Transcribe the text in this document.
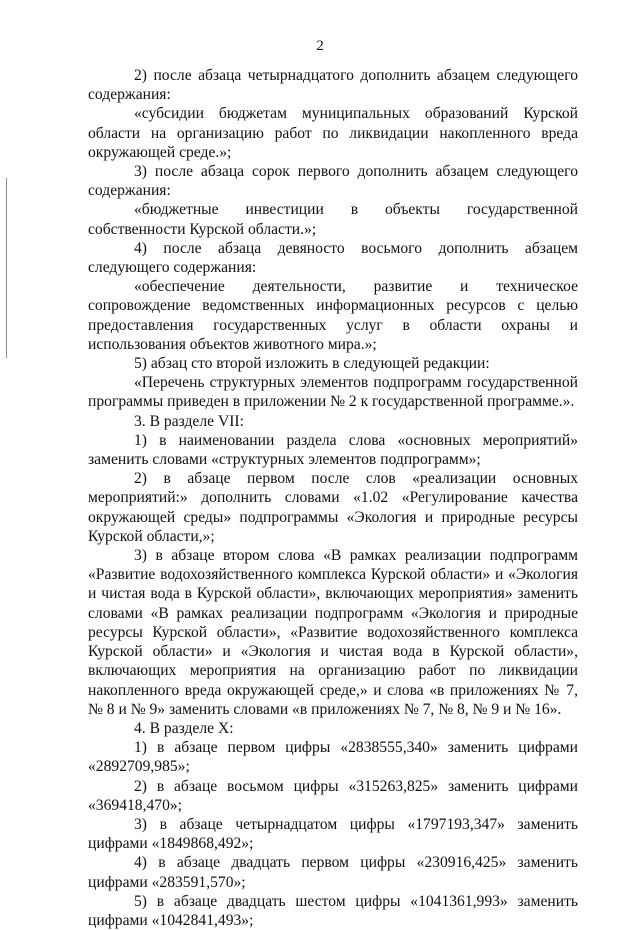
2

2) после абзаца четырнадцатого дополнить абзацем следующего содержания:

«субсидии бюджетам муниципальных образований Курской области на организацию работ по ликвидации накопленного вреда окружающей среде.»;

3) после абзаца сорок первого дополнить абзацем следующего содержания:

«бюджетные инвестиции в объекты государственной собственности Курской области.»;

4) после абзаца девяносто восьмого дополнить абзацем следующего содержания:

«обеспечение деятельности, развитие и техническое сопровождение ведомственных информационных ресурсов с целью предоставления государственных услуг в области охраны и использования объектов животного мира.»;

5) абзац сто второй изложить в следующей редакции:

«Перечень структурных элементов подпрограмм государственной программы приведен в приложении № 2 к государственной программе.».

3. В разделе VII:

1) в наименовании раздела слова «основных мероприятий» заменить словами «структурных элементов подпрограмм»;

2) в абзаце первом после слов «реализации основных мероприятий:» дополнить словами «1.02 «Регулирование качества окружающей среды» подпрограммы «Экология и природные ресурсы Курской области,»;

3) в абзаце втором слова «В рамках реализации подпрограмм «Развитие водохозяйственного комплекса Курской области» и «Экология и чистая вода в Курской области», включающих мероприятия» заменить словами «В рамках реализации подпрограмм «Экология и природные ресурсы Курской области», «Развитие водохозяйственного комплекса Курской области» и «Экология и чистая вода в Курской области», включающих мероприятия на организацию работ по ликвидации накопленного вреда окружающей среде,» и слова «в приложениях № 7, № 8 и № 9» заменить словами «в приложениях № 7, № 8, № 9 и № 16».

4. В разделе X:

1) в абзаце первом цифры «2838555,340» заменить цифрами «2892709,985»;

2) в абзаце восьмом цифры «315263,825» заменить цифрами «369418,470»;

3) в абзаце четырнадцатом цифры «1797193,347» заменить цифрами «1849868,492»;

4) в абзаце двадцать первом цифры «230916,425» заменить цифрами «283591,570»;

5) в абзаце двадцать шестом цифры «1041361,993» заменить цифрами «1042841,493»;
